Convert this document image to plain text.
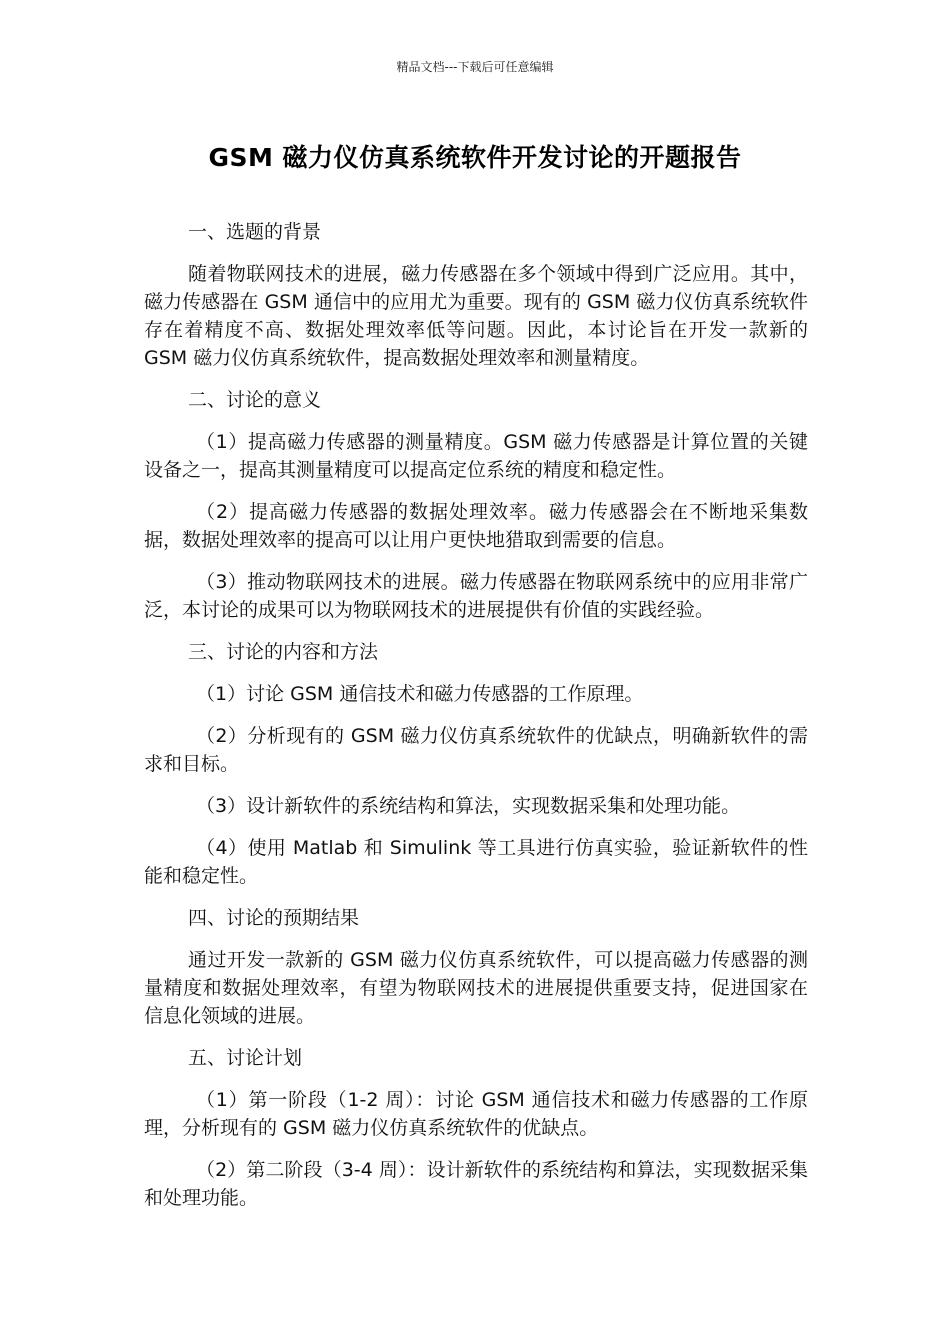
精品文档---下载后可任意编辑
GSM 磁力仪仿真系统软件开发讨论的开题报告

一、选题的背景

随着物联网技术的进展，磁力传感器在多个领域中得到广泛应用。其中，磁力传感器在 GSM 通信中的应用尤为重要。现有的 GSM 磁力仪仿真系统软件存在着精度不高、数据处理效率低等问题。因此，本讨论旨在开发一款新的 GSM 磁力仪仿真系统软件，提高数据处理效率和测量精度。

二、讨论的意义

（1）提高磁力传感器的测量精度。GSM 磁力传感器是计算位置的关键设备之一，提高其测量精度可以提高定位系统的精度和稳定性。

（2）提高磁力传感器的数据处理效率。磁力传感器会在不断地采集数据，数据处理效率的提高可以让用户更快地猎取到需要的信息。

（3）推动物联网技术的进展。磁力传感器在物联网系统中的应用非常广泛，本讨论的成果可以为物联网技术的进展提供有价值的实践经验。

三、讨论的内容和方法

（1）讨论 GSM 通信技术和磁力传感器的工作原理。

（2）分析现有的 GSM 磁力仪仿真系统软件的优缺点，明确新软件的需求和目标。

（3）设计新软件的系统结构和算法，实现数据采集和处理功能。

（4）使用 Matlab 和 Simulink 等工具进行仿真实验，验证新软件的性能和稳定性。

四、讨论的预期结果

通过开发一款新的 GSM 磁力仪仿真系统软件，可以提高磁力传感器的测量精度和数据处理效率，有望为物联网技术的进展提供重要支持，促进国家在信息化领域的进展。

五、讨论计划

（1）第一阶段（1-2 周）：讨论 GSM 通信技术和磁力传感器的工作原理，分析现有的 GSM 磁力仪仿真系统软件的优缺点。

（2）第二阶段（3-4 周）：设计新软件的系统结构和算法，实现数据采集和处理功能。
